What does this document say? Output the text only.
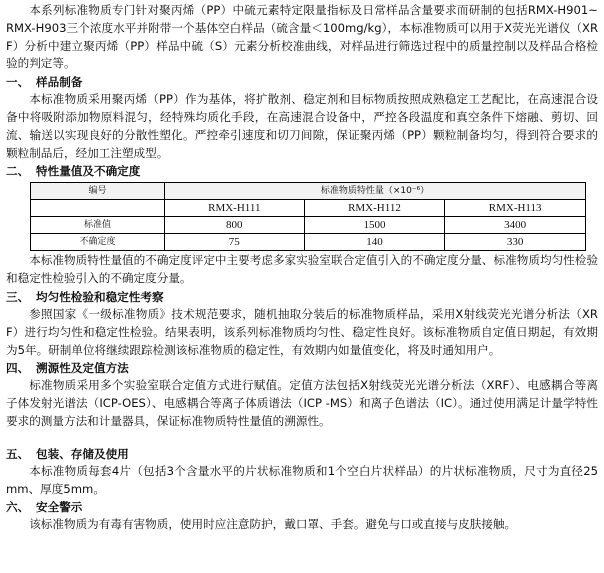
本系列标准物质专门针对聚丙烯（PP）中硫元素特定限量指标及日常样品含量要求而研制的包括RMX-H901~ RMX-H903三个浓度水平并附带一个基体空白样品（硫含量＜100mg/kg），本标准物质可以用于X荧光光谱仪（XRF）分析中建立聚丙烯（PP）样品中硫（S）元素分析校准曲线，对样品进行筛选过程中的质量控制以及样品合格检验的判定等。

一、 样品制备

本标准物质采用聚丙烯（PP）作为基体，将扩散剂、稳定剂和目标物质按照成熟稳定工艺配比，在高速混合设备中将吸附添加物原料混匀，经特殊均质化手段，在高速混合设备中，严控各段温度和真空条件下熔融、剪切、回流、输送以实现良好的分散性塑化。严控牵引速度和切刀间隙，保证聚丙烯（PP）颗粒制备均匀，得到符合要求的颗粒制品后，经加工注塑成型。

二、 特性量值及不确定度
编号	标准物质特性量（×10⁻⁶）		
	RMX-H111	RMX-H112	RMX-H113
标准值	800	1500	3400
不确定度	75	140	330

本标准物质特性量值的不确定度评定中主要考虑多家实验室联合定值引入的不确定度分量、标准物质均匀性检验和稳定性检验引入的不确定度分量。

三、 均匀性检验和稳定性考察

参照国家《一级标准物质》技术规范要求，随机抽取分装后的标准物质样品，采用X射线荧光光谱分析法（XRF）进行均匀性和稳定性检验。结果表明，该系列标准物质均匀性、稳定性良好。该标准物质自定值日期起，有效期为5年。研制单位将继续跟踪检测该标准物质的稳定性，有效期内如量值变化，将及时通知用户。

四、 溯源性及定值方法

标准物质采用多个实验室联合定值方式进行赋值。定值方法包括X射线荧光光谱分析法（XRF）、电感耦合等离子体发射光谱法（ICP-OES）、电感耦合等离子体质谱法（ICP -MS）和离子色谱法（IC）。通过使用满足计量学特性要求的测量方法和计量器具，保证标准物质特性量值的溯源性。

五、 包装、存储及使用

本标准物质每套4片（包括3个含量水平的片状标准物质和1个空白片状样品）的片状标准物质，尺寸为直径25mm、厚度5mm。

六、 安全警示

该标准物质为有毒有害物质，使用时应注意防护，戴口罩、手套。避免与口或直接与皮肤接触。
